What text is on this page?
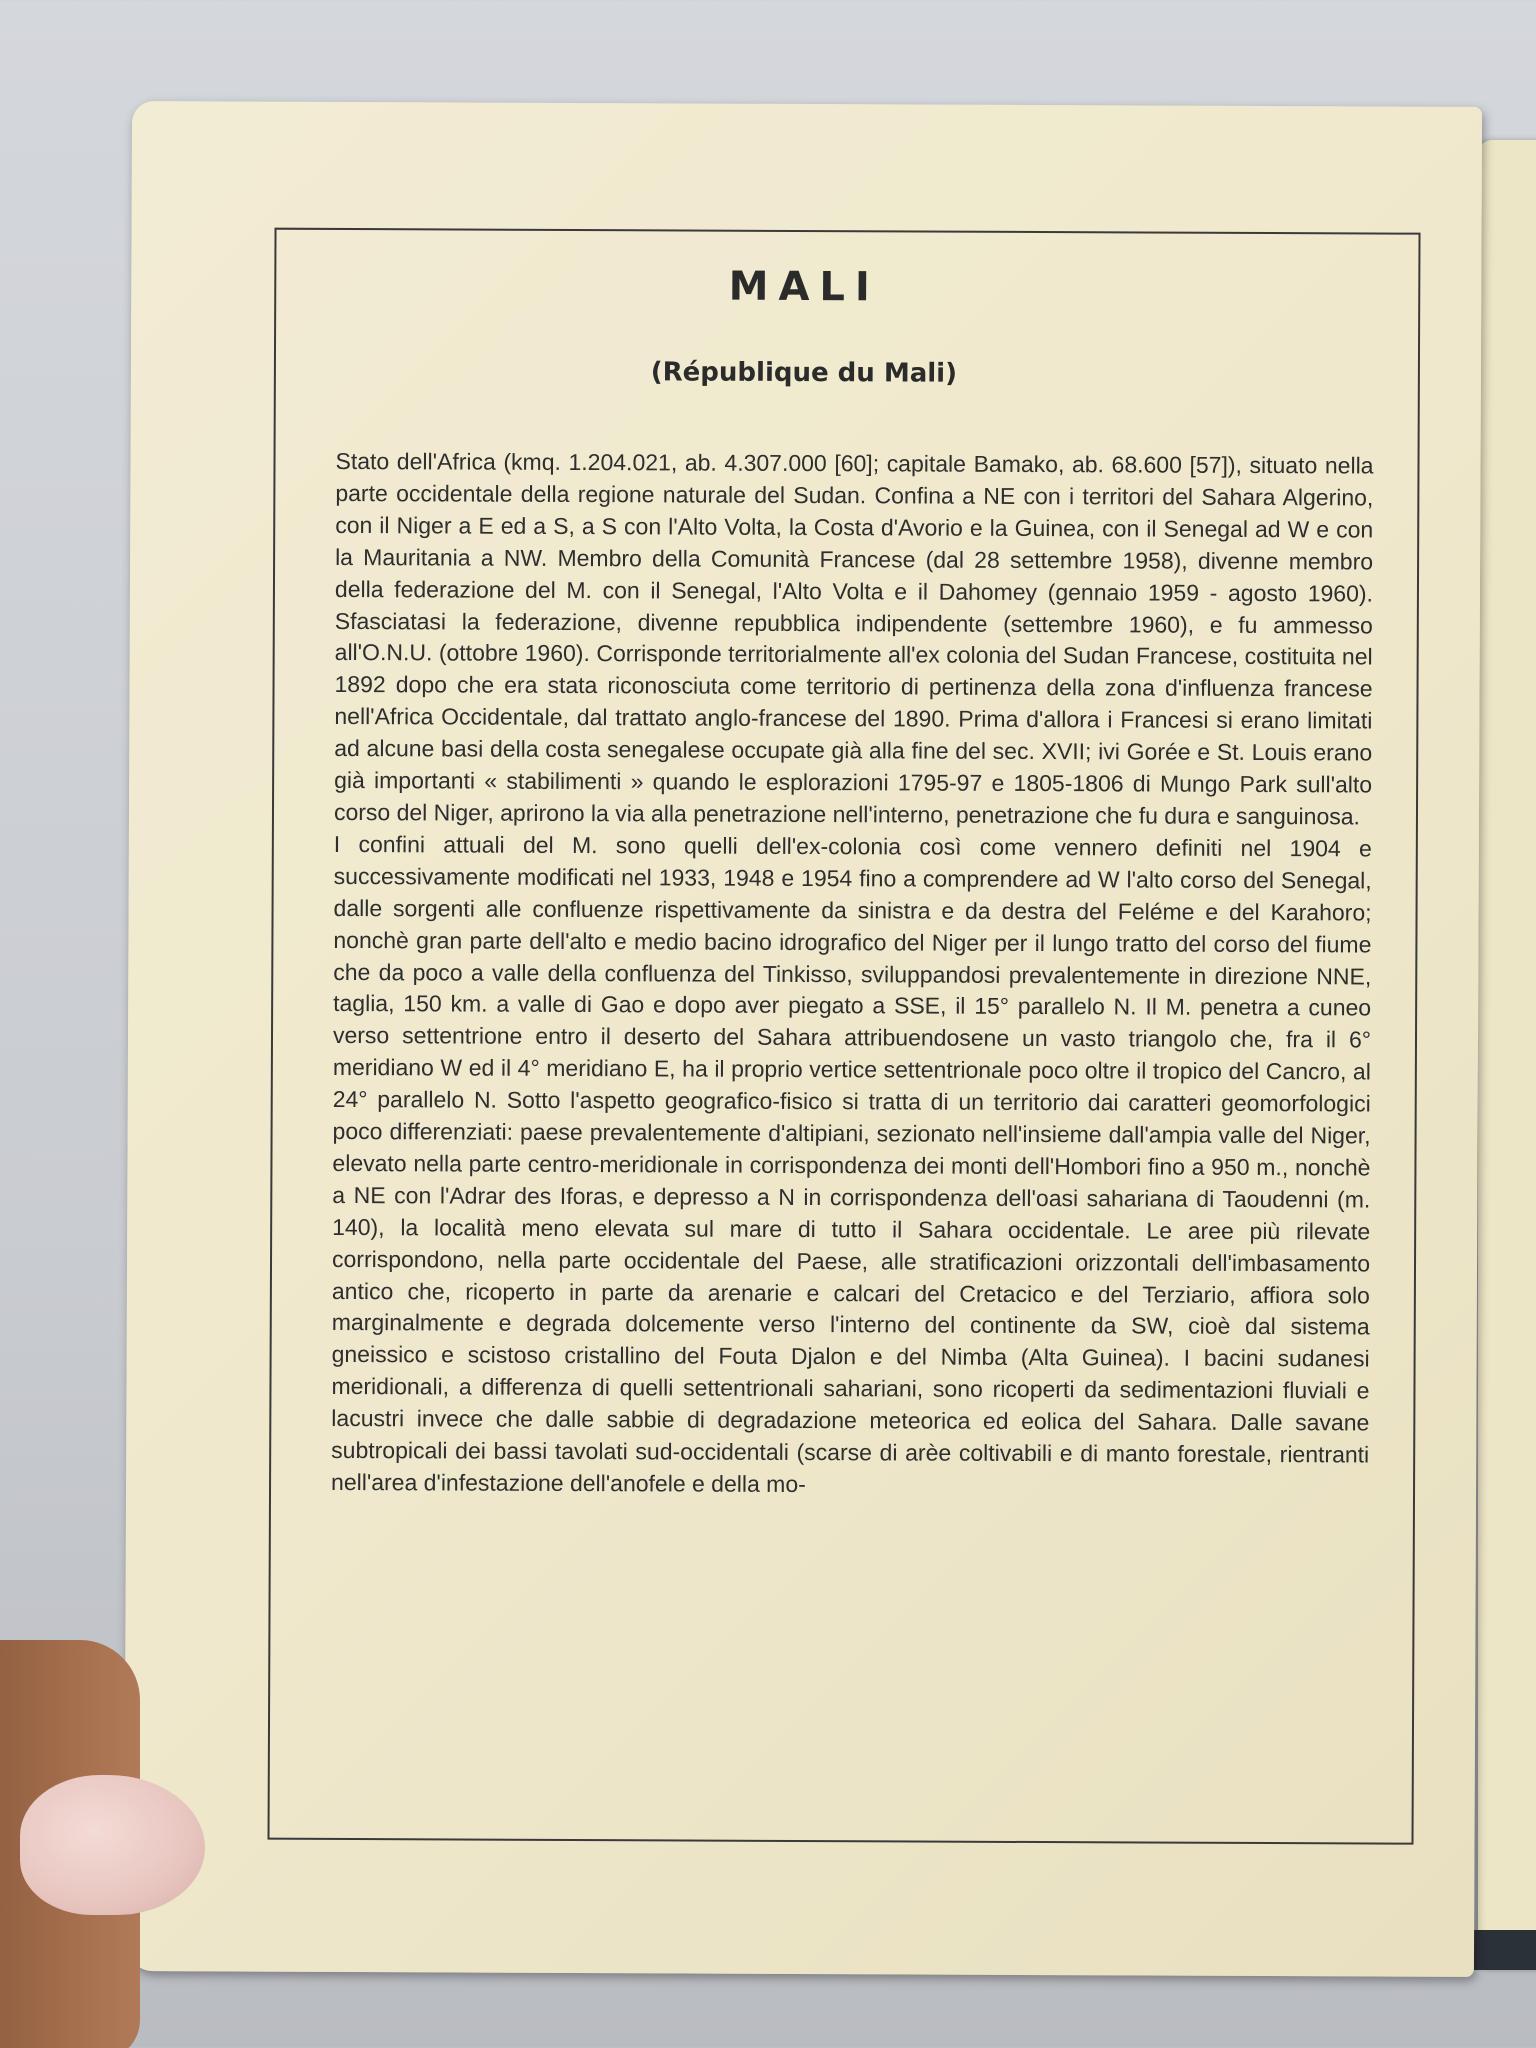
MALI
(République du Mali)

Stato dell'Africa (kmq. 1.204.021, ab. 4.307.000 [60]; capitale Bamako, ab. 68.600 [57]), situato nella parte occidentale della regione naturale del Sudan. Confina a NE con i territori del Sahara Algerino, con il Niger a E ed a S, a S con l'Alto Volta, la Costa d'Avorio e la Guinea, con il Senegal ad W e con la Mauritania a NW. Membro della Comunità Francese (dal 28 settembre 1958), divenne membro della federazione del M. con il Senegal, l'Alto Volta e il Dahomey (gennaio 1959 - agosto 1960). Sfasciatasi la federazione, divenne repubblica indipendente (settembre 1960), e fu ammesso all'O.N.U. (ottobre 1960). Corrisponde territorialmente all'ex colonia del Sudan Francese, costituita nel 1892 dopo che era stata riconosciuta come territorio di pertinenza della zona d'influenza francese nell'Africa Occidentale, dal trattato anglo-francese del 1890. Prima d'allora i Francesi si erano limitati ad alcune basi della costa senegalese occupate già alla fine del sec. XVII; ivi Gorée e St. Louis erano già importanti « stabilimenti » quando le esplorazioni 1795-97 e 1805-1806 di Mungo Park sull'alto corso del Niger, aprirono la via alla penetrazione nell'interno, penetrazione che fu dura e sanguinosa.

I confini attuali del M. sono quelli dell'ex-colonia così come vennero definiti nel 1904 e successivamente modificati nel 1933, 1948 e 1954 fino a comprendere ad W l'alto corso del Senegal, dalle sorgenti alle confluenze rispettivamente da sinistra e da destra del Feléme e del Karahoro; nonchè gran parte dell'alto e medio bacino idrografico del Niger per il lungo tratto del corso del fiume che da poco a valle della confluenza del Tinkisso, sviluppandosi prevalentemente in direzione NNE, taglia, 150 km. a valle di Gao e dopo aver piegato a SSE, il 15° parallelo N. Il M. penetra a cuneo verso settentrione entro il deserto del Sahara attribuendosene un vasto triangolo che, fra il 6° meridiano W ed il 4° meridiano E, ha il proprio vertice settentrionale poco oltre il tropico del Cancro, al 24° parallelo N. Sotto l'aspetto geografico-fisico si tratta di un territorio dai caratteri geomorfologici poco differenziati: paese prevalentemente d'altipiani, sezionato nell'insieme dall'ampia valle del Niger, elevato nella parte centro-meridionale in corrispondenza dei monti dell'Hombori fino a 950 m., nonchè a NE con l'Adrar des Iforas, e depresso a N in corrispondenza dell'oasi sahariana di Taoudenni (m. 140), la località meno elevata sul mare di tutto il Sahara occidentale. Le aree più rilevate corrispondono, nella parte occidentale del Paese, alle stratificazioni orizzontali dell'imbasamento antico che, ricoperto in parte da arenarie e calcari del Cretacico e del Terziario, affiora solo marginalmente e degrada dolcemente verso l'interno del continente da SW, cioè dal sistema gneissico e scistoso cristallino del Fouta Djalon e del Nimba (Alta Guinea). I bacini sudanesi meridionali, a differenza di quelli settentrionali sahariani, sono ricoperti da sedimentazioni fluviali e lacustri invece che dalle sabbie di degradazione meteorica ed eolica del Sahara. Dalle savane subtropicali dei bassi tavolati sud-occidentali (scarse di arèe coltivabili e di manto forestale, rientranti nell'area d'infestazione dell'anofele e della mo-
